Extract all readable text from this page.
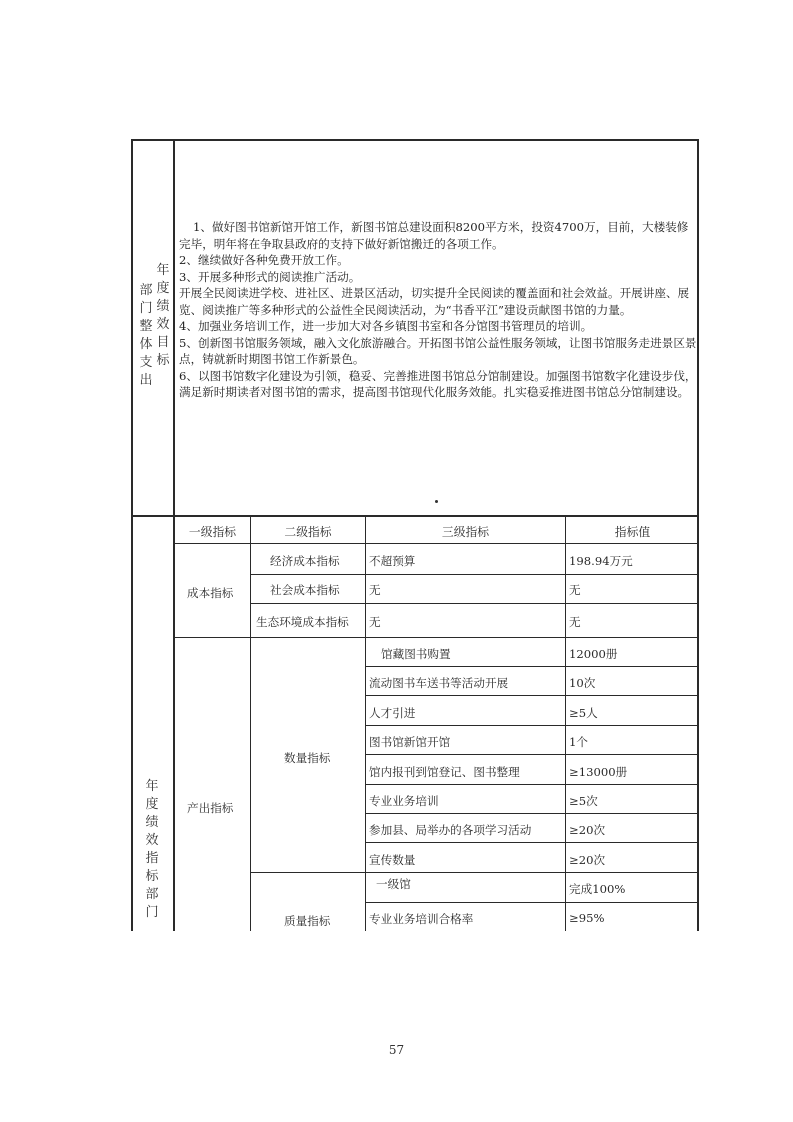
部门整体支出
年度绩效目标

1、做好图书馆新馆开馆工作，新图书馆总建设面积8200平方米，投资4700万，目前，大楼装修完毕，明年将在争取县政府的支持下做好新馆搬迁的各项工作。

2、继续做好各种免费开放工作。

3、开展多种形式的阅读推广活动。

开展全民阅读进学校、进社区、进景区活动，切实提升全民阅读的覆盖面和社会效益。开展讲座、展览、阅读推广等多种形式的公益性全民阅读活动，为“书香平江”建设贡献图书馆的力量。

4、加强业务培训工作，进一步加大对各乡镇图书室和各分馆图书管理员的培训。

5、创新图书馆服务领域，融入文化旅游融合。开拓图书馆公益性服务领域，让图书馆服务走进景区景点，铸就新时期图书馆工作新景色。

6、以图书馆数字化建设为引领，稳妥、完善推进图书馆总分馆制建设。加强图书馆数字化建设步伐，满足新时期读者对图书馆的需求，提高图书馆现代化服务效能。扎实稳妥推进图书馆总分馆制建设。

年度绩效指标部门
一级指标	二级指标	三级指标	指标值
成本指标
经济成本指标	不超预算	198.94万元
社会成本指标	无	无
生态环境成本指标 无	无
产出指标
数量指标
馆藏图书购置	12000册
流动图书车送书等活动开展	10次
人才引进	≥5人
图书馆新馆开馆	1个
馆内报刊到馆登记、图书整理	≥13000册
专业业务培训	≥5次
参加县、局举办的各项学习活动	≥20次
宣传数量	≥20次
质量指标
一级馆	完成100%
专业业务培训合格率	≥95%
57
